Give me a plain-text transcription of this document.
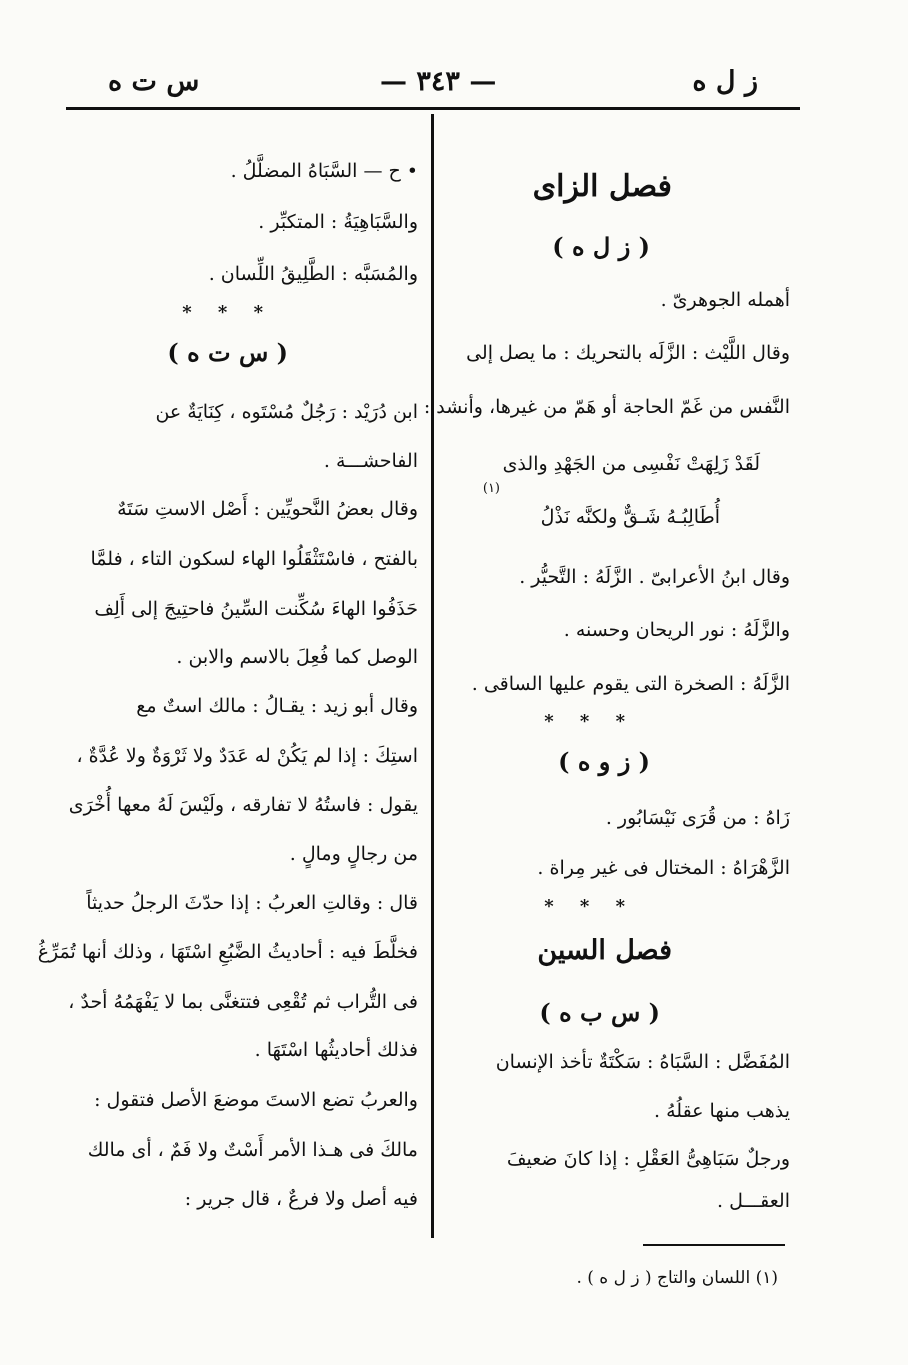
ز ل ه
— ٣٤٣ —
س ت ه
فصل الزاى
( ز ل ه )
أهمله الجوهرىّ .
وقال اللَّيْث : الزَّلَه بالتحريك : ما يصل إلى
النَّفس من غَمّ الحاجة أو هَمّ من غيرها، وأنشد :
لَقَدْ زَلِهَتْ نَفْسِى من الجَهْدِ والذى
(١)
أُطَالِبُـهُ شَـقٌّ ولكنَّه نَذْلُ
وقال ابنُ الأعرابىّ . الزَّلَهُ : التَّحيُّر .
والزَّلَهُ : نور الريحان وحسنه .
الزَّلَهُ : الصخرة التى يقوم عليها الساقى .
* * *
( ز و ه )
زَاهُ : من قُرَى نَيْسَابُور .
الزَّهْرَاهُ : المختال فى غير مِراة .
* * *
فصل السين
( س ب ه )
المُفَضَّل : السَّبَاهُ : سَكْتَةٌ تأخذ الإنسان
يذهب منها عقلُهُ .
ورجلٌ سَبَاهِىُّ العَقْلِ : إذا كانَ ضعيفَ
العقـــل .
• ح — السَّبَاهُ المضلَّلُ .
والسَّبَاهِيَةُ : المتكبِّر .
والمُسَبَّه : الطَّلِيقُ اللِّسان .
* * *
( س ت ه )
ابن دُرَيْد : رَجُلٌ مُسْتَوه ، كِنَايَةٌ عن
الفاحشـــة .
وقال بعضُ النَّحويِّين : أَصْل الاستِ سَتَهٌ
بالفتح ، فاسْتَثْقَلُوا الهاء لسكون التاء ، فلمَّا
حَذَفُوا الهاءَ سُكِّنت السِّينُ فاحتِيجَ إلى أَلِف
الوصل كما فُعِلَ بالاسم والابن .
وقال أبو زيد : يقـالُ : مالك استٌ مع
استِكَ : إذا لم يَكُنْ له عَدَدٌ ولا ثَرْوَةٌ ولا عُدَّةٌ ،
يقول : فاستُهُ لا تفارقه ، ولَيْسَ لَهُ معها أُخْرَى
من رجالٍ ومالٍ .
قال : وقالتِ العربُ : إذا حدّثَ الرجلُ حديثاً
فخلَّطَ فيه : أحاديثُ الضَّبُعِ اسْتَهَا ، وذلك أنها تُمَرِّغُ
فى التُّراب ثم تُقْعِى فتتغنَّى بما لا يَفْهَمُهُ أحدٌ ،
فذلك أحاديثُها اسْتَهَا .
والعربُ تضع الاستَ موضعَ الأصل فتقول :
مالكَ فى هـذا الأمر أَسْتٌ ولا فَمٌ ، أى مالك
فيه أصل ولا فرعٌ ، قال جرير :
(١) اللسان والتاج ( ز ل ه ) .
